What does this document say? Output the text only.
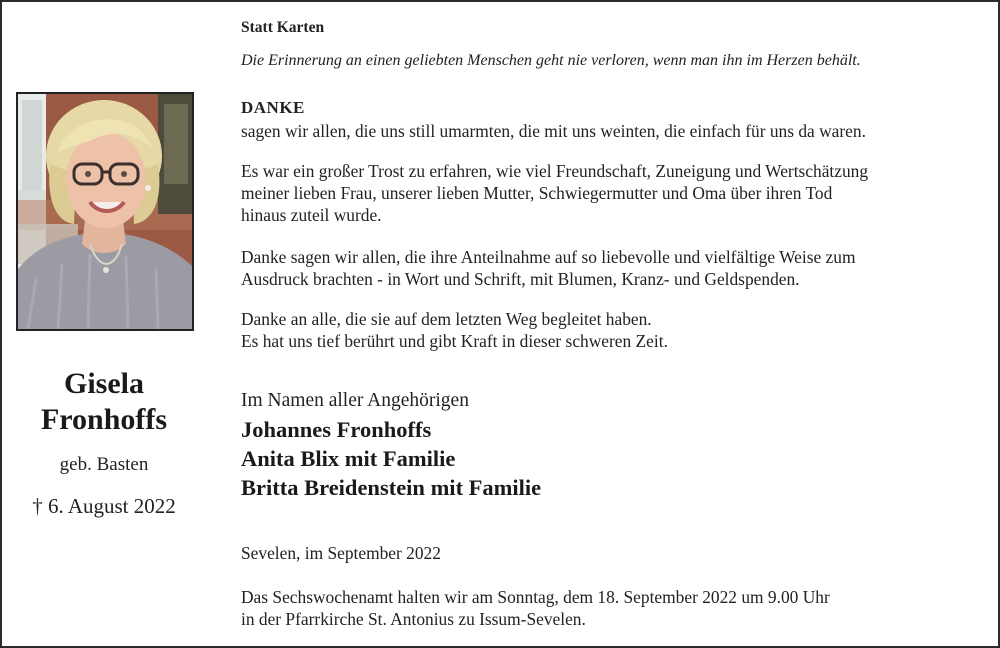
Gisela
Fronhoffs
geb. Basten
† 6. August 2022
Statt Karten
Die Erinnerung an einen geliebten Menschen geht nie verloren, wenn man ihn im Herzen behält.
DANKE
sagen wir allen, die uns still umarmten, die mit uns weinten, die einfach für uns da waren.
Es war ein großer Trost zu erfahren, wie viel Freundschaft, Zuneigung und Wertschätzung
meiner lieben Frau, unserer lieben Mutter, Schwiegermutter und Oma über ihren Tod
hinaus zuteil wurde.
Danke sagen wir allen, die ihre Anteilnahme auf so liebevolle und vielfältige Weise zum
Ausdruck brachten - in Wort und Schrift, mit Blumen, Kranz- und Geldspenden.
Danke an alle, die sie auf dem letzten Weg begleitet haben.
Es hat uns tief berührt und gibt Kraft in dieser schweren Zeit.
Im Namen aller Angehörigen
Johannes Fronhoffs
Anita Blix mit Familie
Britta Breidenstein mit Familie
Sevelen, im September 2022
Das Sechswochenamt halten wir am Sonntag, dem 18. September 2022 um 9.00 Uhr
in der Pfarrkirche St. Antonius zu Issum-Sevelen.
